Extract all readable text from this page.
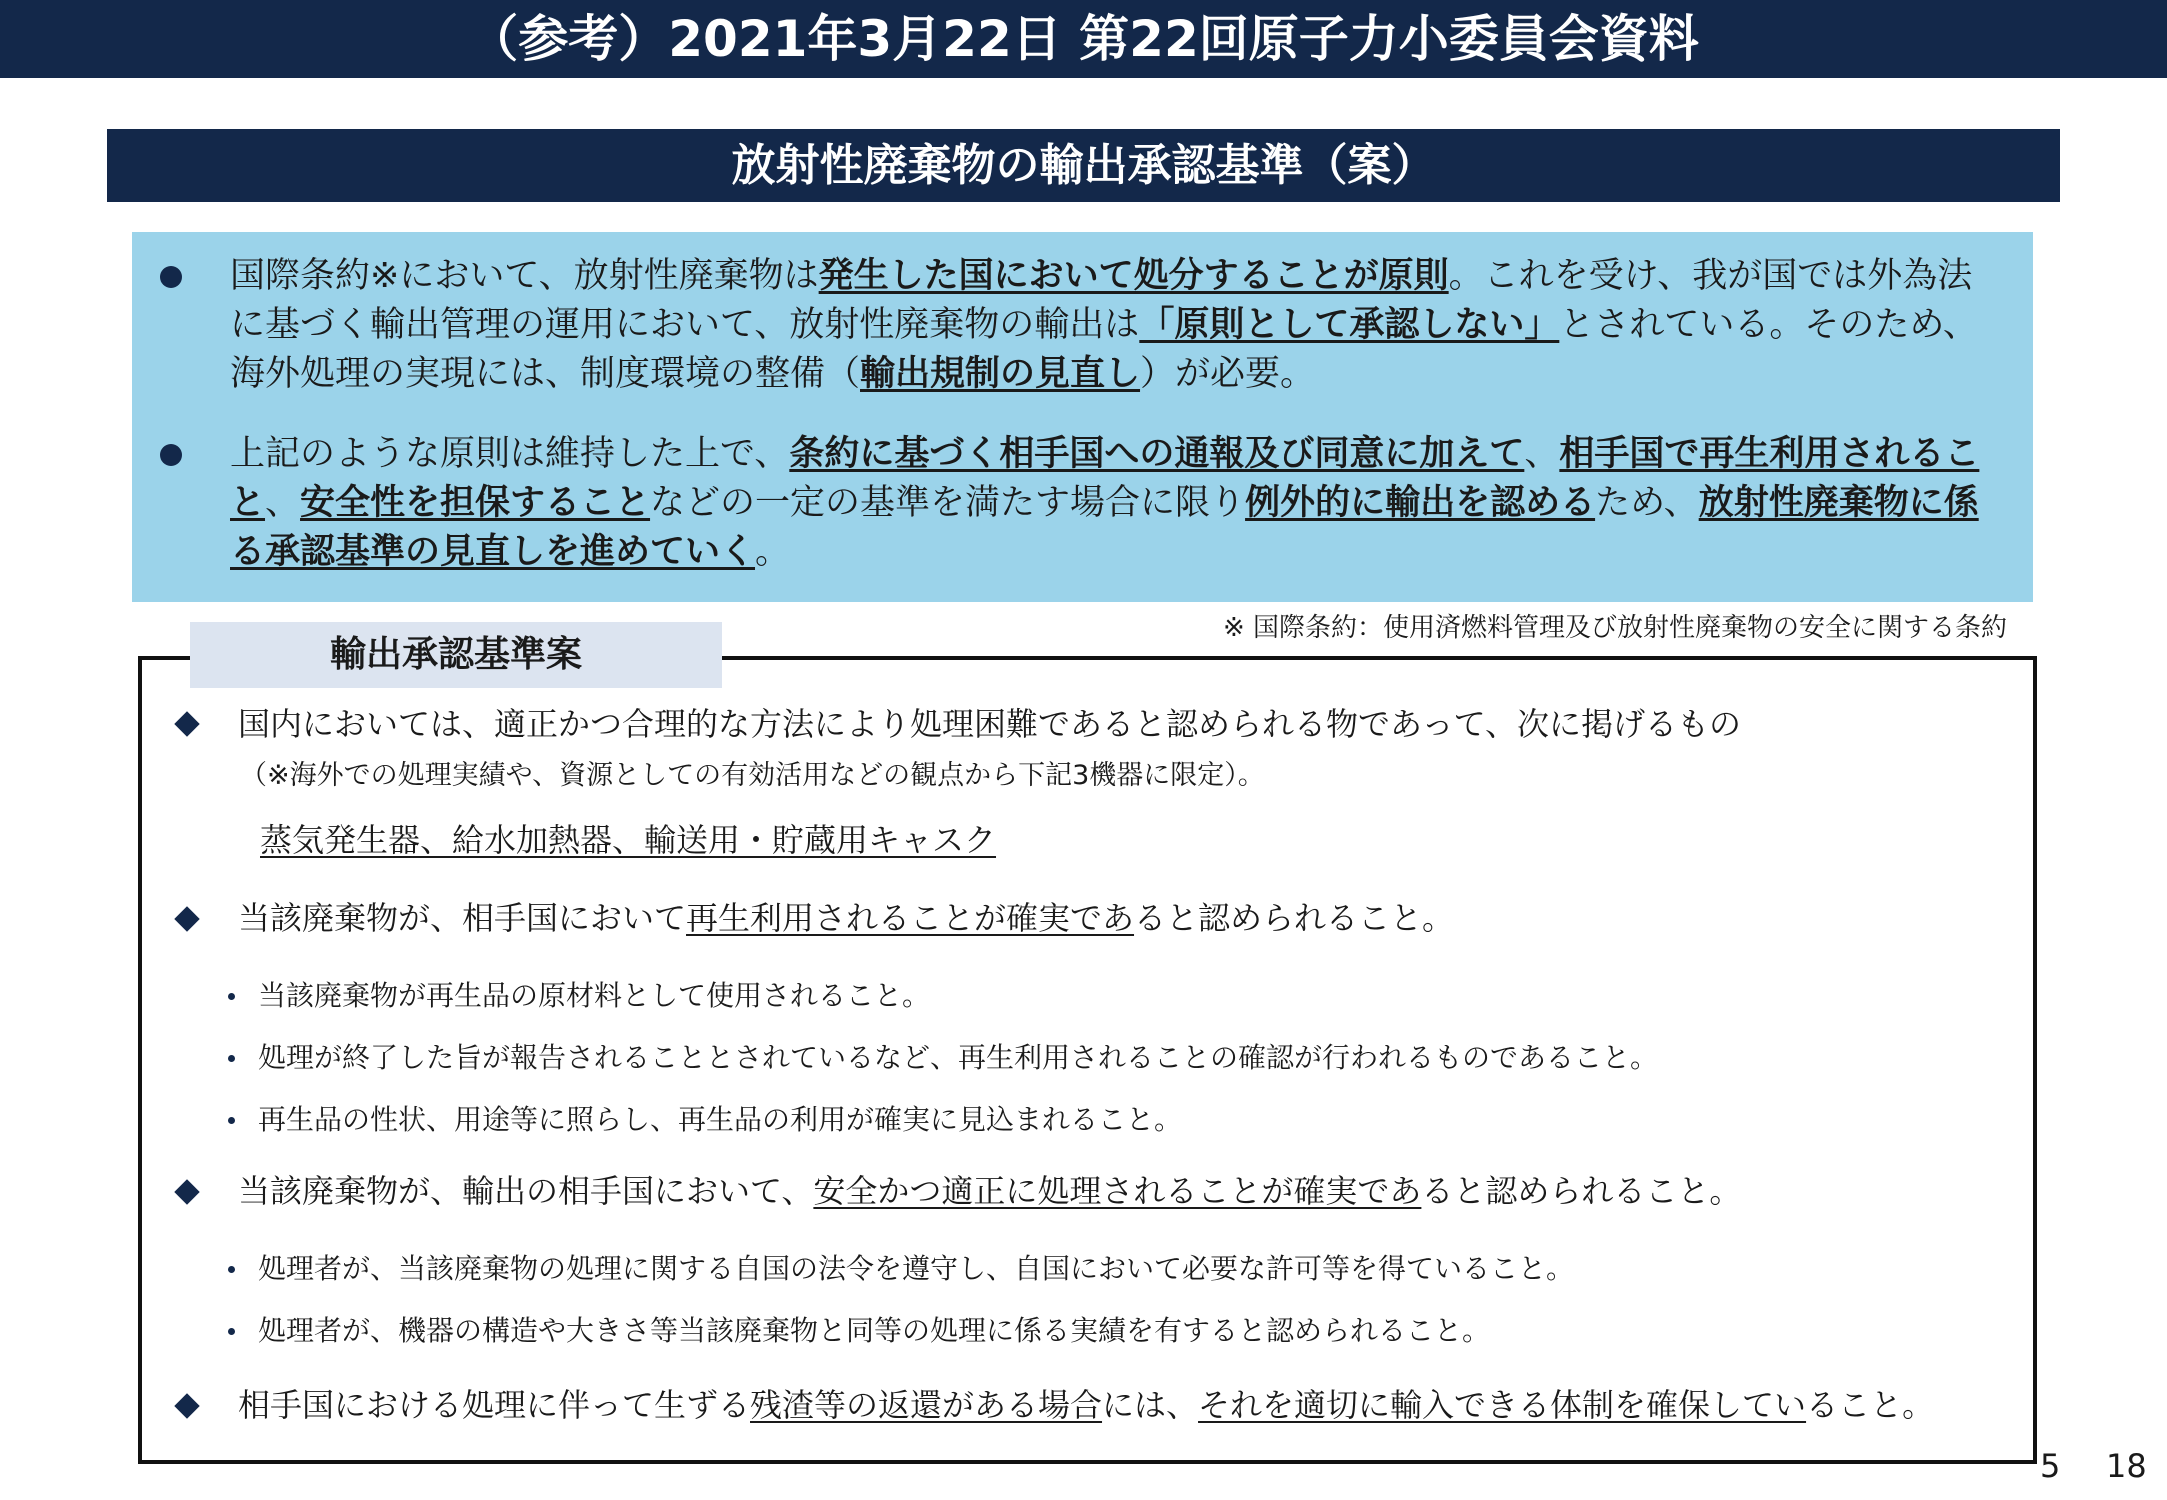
（参考）2021年3月22日 第22回原子力小委員会資料
放射性廃棄物の輸出承認基準（案）
国際条約※において、放射性廃棄物は発生した国において処分することが原則。これを受け、我が国では外為法に基づく輸出管理の運用において、放射性廃棄物の輸出は「原則として承認しない」とされている。そのため、海外処理の実現には、制度環境の整備（輸出規制の見直し）が必要。
上記のような原則は維持した上で、条約に基づく相手国への通報及び同意に加えて、相手国で再生利用されること、安全性を担保することなどの一定の基準を満たす場合に限り例外的に輸出を認めるため、放射性廃棄物に係る承認基準の見直しを進めていく。
※ 国際条約：使用済燃料管理及び放射性廃棄物の安全に関する条約
輸出承認基準案
国内においては、適正かつ合理的な方法により処理困難であると認められる物であって、次に掲げるもの
（※海外での処理実績や、資源としての有効活用などの観点から下記3機器に限定）。
蒸気発生器、給水加熱器、輸送用・貯蔵用キャスク
当該廃棄物が、相手国において再生利用されることが確実であると認められること。
当該廃棄物が再生品の原材料として使用されること。
処理が終了した旨が報告されることとされているなど、再生利用されることの確認が行われるものであること。
再生品の性状、用途等に照らし、再生品の利用が確実に見込まれること。
当該廃棄物が、輸出の相手国において、安全かつ適正に処理されることが確実であると認められること。
処理者が、当該廃棄物の処理に関する自国の法令を遵守し、自国において必要な許可等を得ていること。
処理者が、機器の構造や大きさ等当該廃棄物と同等の処理に係る実績を有すると認められること。
相手国における処理に伴って生ずる残渣等の返還がある場合には、それを適切に輸入できる体制を確保していること。
5 18
